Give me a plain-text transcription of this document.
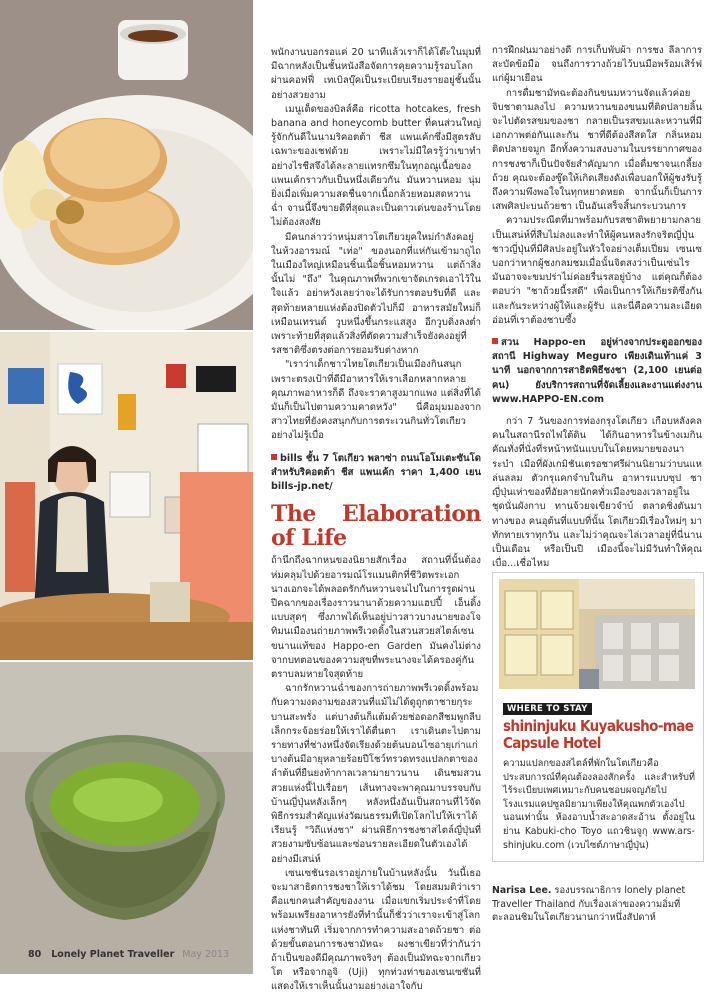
พนักงานบอกรอแค่ 20 นาทีแล้วเราก็ได้โต๊ะในมุมที่มีฉากหลังเป็นชั้นหนังสือจัดการคุยความรู้รอบโลกผ่านคอฟฟี่ เทเบิลบุ๊คเป็นระเบียบเรียงรายอยู่ชั้นนั้นอย่างสวยงาม

เมนูเด็ดของบิลส์คือ ricotta hotcakes, fresh banana and honeycomb butter ที่คนส่วนใหญ่รู้จักกันดีในนามริคอตต้า ชีส แพนเค้กซึ่งมีสูตรลับเฉพาะของเชฟด้วย เพราะไม่มีใครรู้ว่าเขาทำอย่างไรชีสจึงได้ละลายแทรกซึมในทุกอณูเนื้อของแพนเค้กราวกับเป็นหนึ่งเดียวกัน มันหวานหอม นุ่ม ยิ่งเมื่อเพิ่มความสดชื่นจากเนื้อกล้วยหอมสดหวานฉ่ำ จานนี้จึงขายดีที่สุดและเป็นดาวเด่นของร้านโดยไม่ต้องสงสัย

มีคนกล่าวว่าหนุ่มสาวโตเกียวยุคใหม่กำลังคอยู่ในห้วงอารมณ์ "เท่อ" ของนอกที่แห่กันเข้ามาถูไถในเมืองใหญ่เหมือนชิ้นเนื้อชิ้นหอมหวาน แต่ถ้าสิ่งนั้นไม่ "ถึง" ในคุณภาพที่พวกเขาจัดเกรดเอาไว้ในใจแล้ว อย่าหวังเลยว่าจะได้รับการตอบรับที่ดี และสุดท้ายหลายแห่งต้องปิดตัวไปก็มี อาหารสมัยใหม่ก็เหมือนเทรนด์ วูบหนึ่งขึ้นกระแสสูง อีกวูบดิ่งลงต่ำ เพราะท้ายที่สุดแล้วสิ่งที่ตัดความสำเร็จยังคงอยู่ที่รสชาติซึ่งตรงต่อการยอมรับต่างหาก

"เราว่าเด็กชาวไทยโตเกียวเป็นเมืองกินสนุกเพราะตรงเป้าที่ดีมีอาหารให้เราเลือกหลากหลาย คุณภาพอาหารก็ดี ถึงจะราคาสูงมากแพง แต่สิ่งที่ได้มันก็เป็นไปตามความคาดหวัง" นี่คือมุมมองจากสาวไทยที่ยังคงสนุกกับการตระเวนกินทั่วโตเกียวอย่างไม่รู้เบื่อ

bills ชั้น 7 โตเกียว พลาซ่า ถนนโอโมเตะซันโด สำหรับริคอตต้า ชีส แพนเค้ก ราคา 1,400 เยน bills-jp.net/
The Elaboration of Life

ถ้านึกถึงฉากหนของนิยายสักเรื่อง สถานที่นั้นต้องห่มคลุมไปด้วยอารมณ์โรแมนติกที่ชีวิตพระเอกนางเอกจะได้พลอดรักกันหวานจนไปในการรูดผ่านปีคฉากของเรื่องราวนานาด้วยความแฮปปี้ เอ็นดิ้งแบบสุดๆ ซึ่งภาพได้เห็นอยู่บ่าวสาวบางนายของโจทิมนเมืองนถ่ายภาพพรีเวดดิ้งในสวนสวยสไตล์เซนขนานแท้ของ Happo-en Garden มันคงไม่ต่างจากบทตอนของความสุขที่พระนางจะได้ครองคู่กันตราบลมหายใจสุดท้าย

ฉากรักหวานฉ่ำของการถ่ายภาพพรีเวดดิ้งพร้อมกับความงดงามของสวนที่แม้ไม่ได้ดูถูกตาชายกุระบานสะพรั่ง แต่บางต้นก็แต้มด้วยช่อดอกสีชมพูกลีบเล็กกระจ้อยร่อยให้เราได้ตื่นตา เราเดินตะไปตามรายทางที่ช่างหนึ่งจัดเรียงด้วยต้นบอนไซอายุเก่าแก่ บางต้นมีอายุหลายร้อยปีโชว์ทรวดทรงแปลกตาของลำต้นที่ยืนยงท้ากาลเวลามายาวนาน เดินชมสวนสวยแห่งนี้ไปเรื่อยๆ เส้นทางจะพาคุณมาบรรจบกับบ้านญี่ปุ่นหลังเล็กๆ หลังหนึ่งอันเป็นสถานที่ไว้จัดพิธีกรรมสำคัญแห่งวัฒนธรรมที่เปิดโลกไปให้เราได้เรียนรู้ "วิถีแห่งชา" ผ่านพิธีการชงชาสไตล์ญี่ปุ่นที่สวยงามซับซ้อนและซ่อนรายละเอียดในตัวเองได้อย่างมีเสน่ห์

เซนเซชันรอเราอยู่ภายในบ้านหลังนั้น วันนี้เธอจะมาสาธิตการชงชาให้เราได้ชม โดยสมมติว่าเราคือแขกคนสำคัญของงาน เมื่อแขกเริ่มประจำที่โดยพร้อมเพรียงอาหารยังที่ทำนั้นก็ชั่วว่าเราจะเข้าสู่โลกแห่งชาทันที เริ่มจากการทำความสะอาดถ้วยชา ต่อด้วยขั้นตอนการชงชามัทฉะ ผงชาเขียวที่ว่ากันว่าถ้าเป็นของดีมีคุณภาพจริงๆ ต้องเป็นมัทฉะจากเกียวโต หรือจากอูจิ (Uji) ทุกท่วงท่าของเซนเซชันที่แสดงให้เราเห็นนั้นงามอย่างเอาใจกับ

การฝึกฝนมาอย่างดี การเก็บพับผ้า การชง ลีลาการสะบัดข้อมือ จนถึงการวางถ้วยไว้บนมือพร้อมเสิร์ฟแก่ผู้มาเยือน

การดื่มชามัทฉะต้องกินขนมหวานจัดแล้วค่อยจิบชาตามลงไป ความหวานของขนมที่ติดปลายลิ้นจะไปตัดรสขมของชา กลายเป็นรสขมและหวานที่มีเอกภาพต่อกันและกัน ชาที่ดีต้องสีสดใส กลิ่นหอมติดปลายจมูก อีกทั้งความสงบงามในบรรยากาศของการชงชาก็เป็นปัจจัยสำคัญมาก เมื่อดื่มชาจนเกลี้ยงถ้วย คุณจะต้องซู๊ดให้เกิดเสียงดังเพื่อบอกให้ผู้ชงรับรู้ถึงความพึงพอใจในทุกหยาดหยด จากนั้นก็เป็นการเสพศิลปะบนถ้วยชา เป็นอันเสร็จสิ้นกระบวนการ

ความประณีตที่มาพร้อมกับรสชาติพยายามกลายเป็นเสน่ห์ที่สืบไม่ลงและทำให้ผู้คนหลงรักจริตญี่ปุ่นชาวญี่ปุ่นที่มีศิลปะอยู่ในหัวใจอย่างเต็มเปี่ยม เซนเซบอกว่าหากผู้ชงกลมชมเมื่อนั้นจิตสงว่าเป็นเซ่นไร มันอาจจะขมปร่าไม่ค่อยรื่นรสอยู่บ้าง แต่คุณก็ต้องตอบว่า "ชาถ้วยนี้รสดี" เพื่อเป็นการให้เกียรติซึ่งกันและกันระหว่างผู้ให้และผู้รับ และนี่คือความละเอียดอ่อนที่เราต้องชาบซึ้ง

สวน Happo-en อยู่ห่างจากประตูออกของสถานี Highway Meguro เพียงเดินเท้าแค่ 3 นาที นอกจากการสาธิตพิธีชงชา (2,100 เยนต่อคน) ยังบริการสถานที่จัดเลี้ยงและงานแต่งงาน www.HAPPO-EN.com

กว่า 7 วันของการท่องกรุงโตเกียว เกือบหลังคลคนในสถานีรถไฟใต้ดิน ได้กินอาหารในข้างเมกินคัณทั่งที่นั่งที่รหน้าทนันแบบในโดยหมายของนาระบำ เมือที่ผังเกมิชันเตรอชาศรีผ่านนิยามว่าบนแหล่นลลม ตัวกรุแคกจำบในกิน อาหารแบบซุป ชาญี่ปุ่นเห่าของที่อัยลายนักคทั่วเมืองของเวลาอยู่ในชุดนั่นผังกาบ ทานจ้วยจเขียวจำบ์ ตลาดชิ่งตันมาทางของ คนอุต้นที่แบบที่นั้น โตเกียวมีเรื่องใหม่ๆ มาทักทายเราทุกวัน และไม่ว่าคุณจะไล่เวลาอยู่ที่นี่นานเป็นเดือน หรือเป็นปี เมืองนี้จะไม่มีวันทำให้คุณเบื่อ...เชื่อไหม

WHERE TO STAY
shininjuku Kuyakusho-mae Capsule Hotel
ความแปลกของสไตล์ที่พักในโตเกียวคือประสบการณ์ที่คุณต้องลองสักครั้ง และสำหรับที่ไร้ระเบียบเพศเหมาะกับคนชอบผจญภัยไปโรงแรมแคปซูลมิยามาเพียงให้คุณพกตัวเองไปนอนเท่านั้น ห้องอาบน้ำสะอาดสะอ้าน ตั้งอยู่ในย่าน Kabuki-cho Toyo แถวชินจูกุ www.ars-shinjuku.com (เวบไซต์ภาษาญี่ปุ่น)
Narisa Lee. รองบรรณาธิการ lonely planet Traveller Thailand กับเรื่องเล่าของความอิ่มที่ตะลอนชิมในโตเกียวนานกว่าหนึ่งสัปดาห์
80 Lonely Planet Traveller May 2013
